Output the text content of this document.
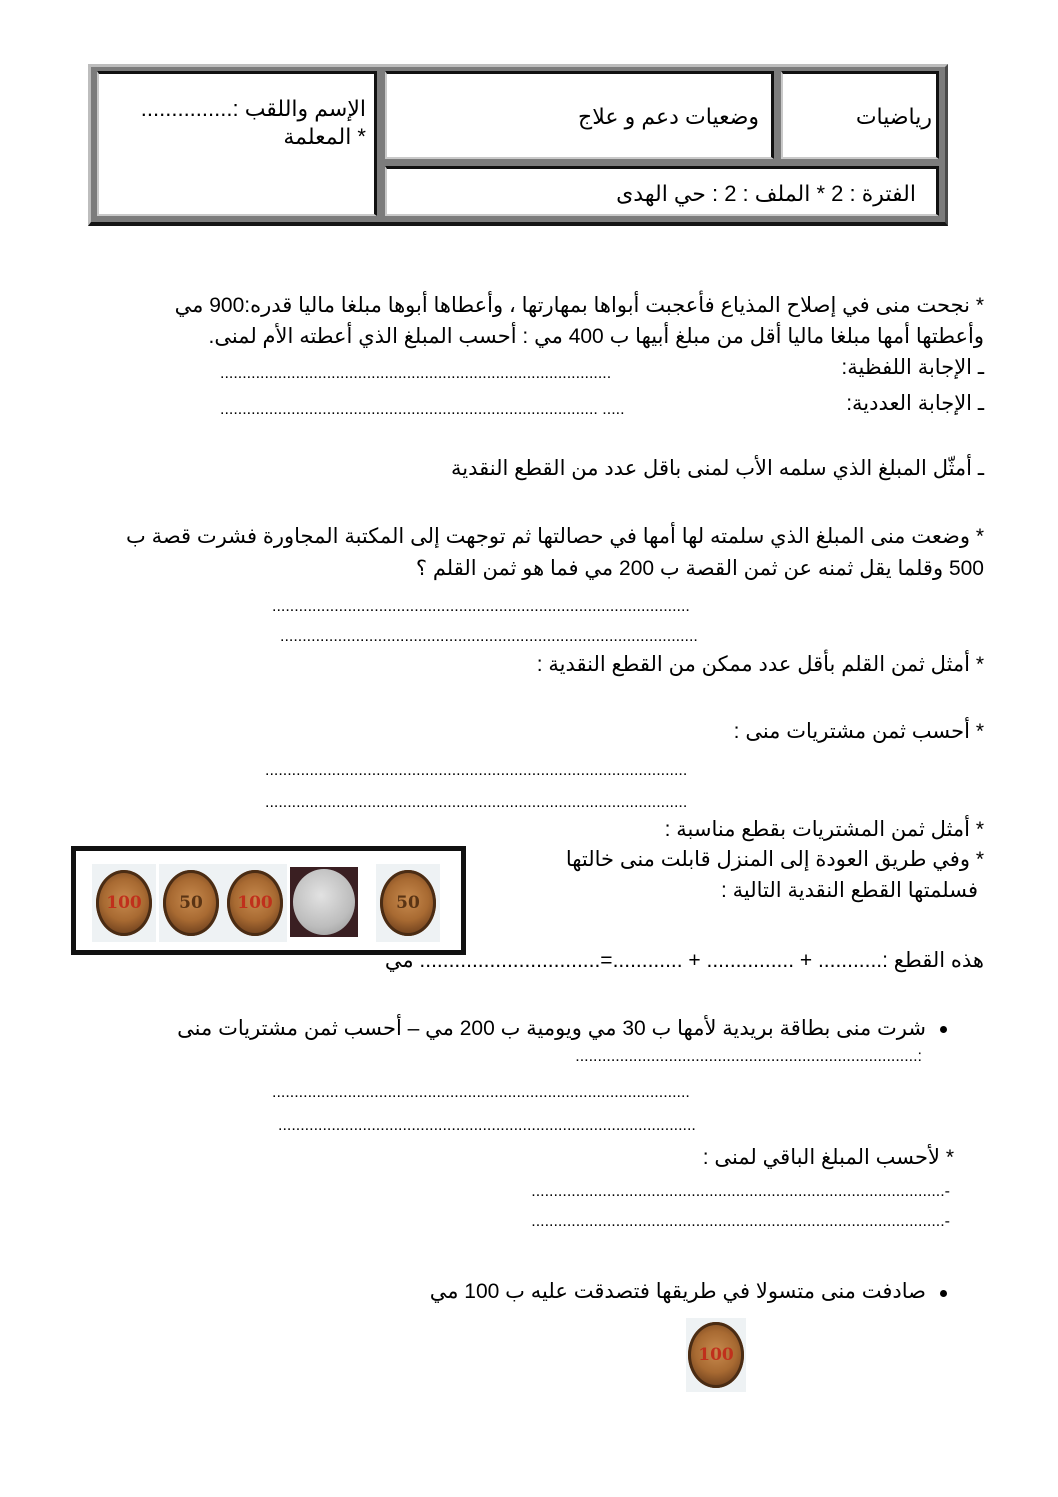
الإسم واللقب :...............
* المعلمة
وضعيات دعم و علاج	رياضيات
الفترة : 2 * الملف : 2 : حي الهدى
* نجحت منى في إصلاح المذياع فأعجبت أبواها بمهارتها ، وأعطاها أبوها مبلغا ماليا قدره:900 مي
وأعطتها أمها مبلغا ماليا أقل من مبلغ أبيها ب 400 مي : أحسب المبلغ الذي أعطته الأم لمنى.
ـ الإجابة اللفظية:
........................................................................................
ـ الإجابة العددية:
..................................................................................... .....
ـ أمثّل المبلغ الذي سلمه الأب لمنى باقل عدد من القطع النقدية
* وضعت منى المبلغ الذي سلمته لها أمها في حصالتها ثم توجهت إلى المكتبة المجاورة فشرت قصة ب
500 وقلما يقل ثمنه عن ثمن القصة ب 200 مي فما هو ثمن القلم ؟
..............................................................................................
..............................................................................................
* أمثل ثمن القلم بأقل عدد ممكن من القطع النقدية :
* أحسب ثمن مشتريات منى :
...............................................................................................
...............................................................................................
* أمثل ثمن المشتريات بقطع مناسبة :
* وفي طريق العودة إلى المنزل قابلت منى خالتها
فسلمتها القطع النقدية التالية :
100 50 100	50
هذه القطع :........... + ............... + ............=............................... مي
شرت منى بطاقة بريدية لأمها ب 30 مي ويومية ب 200 مي – أحسب ثمن مشتريات منى
:.............................................................................
..............................................................................................
..............................................................................................
* لأحسب المبلغ الباقي لمنى :
-.............................................................................................
-.............................................................................................
صادفت منى متسولا في طريقها فتصدقت عليه ب 100 مي
100
